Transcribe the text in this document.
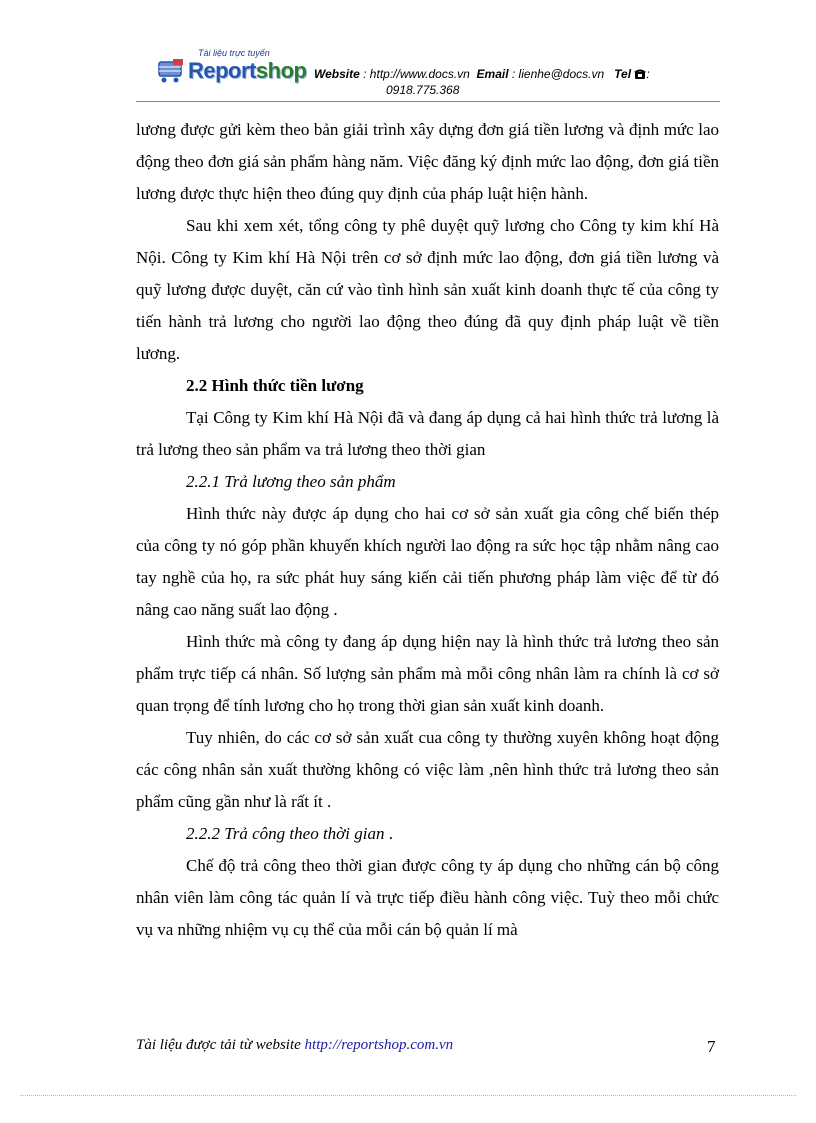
Tài liệu trực tuyến
Reportshop Website : http://www.docs.vn Email : lienhe@docs.vn Tel :
0918.775.368

lương được gửi kèm theo bản giải trình xây dựng đơn giá tiền lương và định mức lao động theo đơn giá sản phẩm hàng năm. Việc đăng ký định mức lao động, đơn giá tiền lương được thực hiện theo đúng quy định của pháp luật hiện hành.

Sau khi xem xét, tổng công ty phê duyệt quỹ lương cho Công ty kim khí Hà Nội. Công ty Kim khí Hà Nội trên cơ sở định mức lao động, đơn giá tiền lương và quỹ lương được duyệt, căn cứ vào tình hình sản xuất kinh doanh thực tế của công ty tiến hành trả lương cho người lao động theo đúng đã quy định pháp luật về tiền lương.

2.2 Hình thức tiền lương

Tại Công ty Kim khí Hà Nội đã và đang áp dụng cả hai hình thức trả lương là trả lương theo sản phẩm va trả lương theo thời gian

2.2.1 Trả lương theo sản phẩm

Hình thức này được áp dụng cho hai cơ sở sản xuất gia công chế biến thép của công ty nó góp phần khuyến khích người lao động ra sức học tập nhằm nâng cao tay nghề của họ, ra sức phát huy sáng kiến cải tiến phương pháp làm việc để từ đó nâng cao năng suất lao động .

Hình thức mà công ty đang áp dụng hiện nay là hình thức trả lương theo sản phẩm trực tiếp cá nhân. Số lượng sản phẩm mà mỗi công nhân làm ra chính là cơ sở quan trọng để tính lương cho họ trong thời gian sản xuất kinh doanh.

Tuy nhiên, do các cơ sở sản xuất cua công ty thường xuyên không hoạt động các công nhân sản xuất thường không có việc làm ,nên hình thức trả lương theo sản phẩm cũng gần như là rất ít .

2.2.2 Trả công theo thời gian .

Chế độ trả công theo thời gian được công ty áp dụng cho những cán bộ công nhân viên làm công tác quản lí và trực tiếp điều hành công việc. Tuỳ theo mỗi chức vụ va những nhiệm vụ cụ thể của mỗi cán bộ quản lí mà

Tài liệu được tải từ website http://reportshop.com.vn	7
